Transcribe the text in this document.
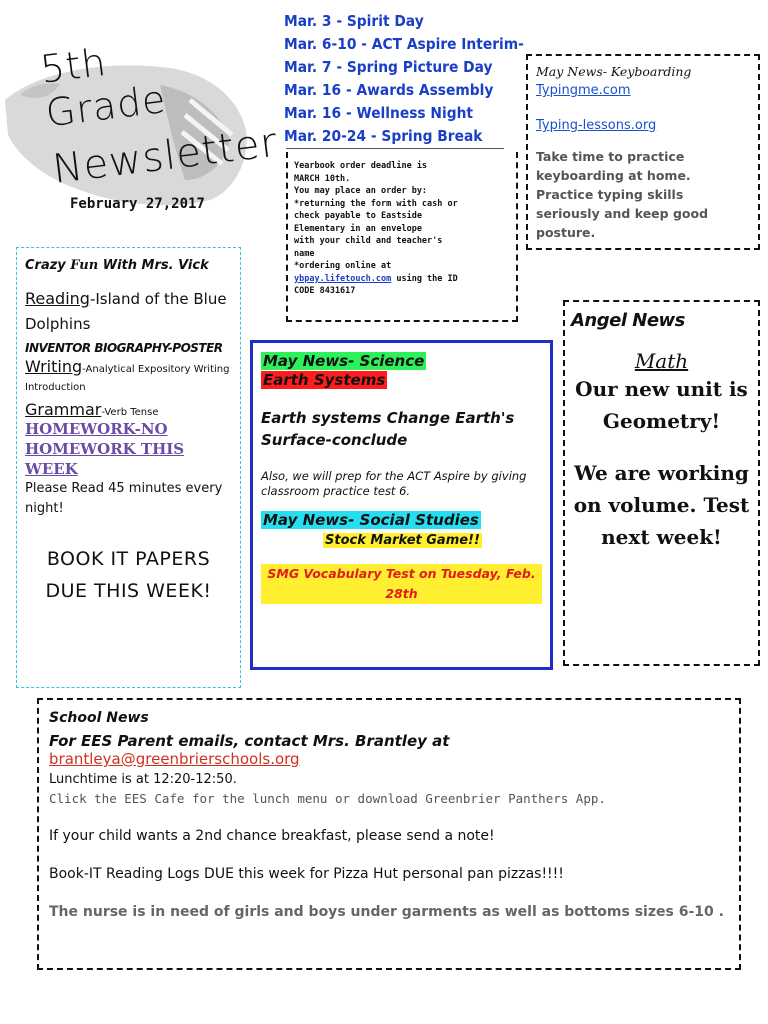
5th Grade
Newsletter
February 27,2017
Mar. 3 - Spirit Day
Mar. 6-10 - ACT Aspire Interim-
Mar. 7 - Spring Picture Day
Mar. 16 - Awards Assembly
Mar. 16 - Wellness Night
Mar. 20-24 - Spring Break
Yearbook order deadline is
MARCH 10th.
You may place an order by:
*returning the form with cash or
check payable to Eastside
Elementary in an envelope
with your child and teacher's
name
*ordering online at
ybpay.lifetouch.com using the ID
CODE 8431617
May News- Keyboarding
Typingme.com
Typing-lessons.org
Take time to practice keyboarding at home. Practice typing skills seriously and keep good posture.

Crazy Fun With Mrs. Vick

Reading-Island of the Blue Dolphins

INVENTOR BIOGRAPHY-POSTER

Writing-Analytical Expository Writing Introduction

Grammar-Verb Tense

HOMEWORK-NO HOMEWORK THIS WEEK

Please Read 45 minutes every night!

BOOK IT PAPERS DUE THIS WEEK!

May News- Science
Earth Systems
Earth systems Change Earth's Surface-conclude
Also, we will prep for the ACT Aspire by giving classroom practice test 6.
May News- Social Studies
Stock Market Game!!
SMG Vocabulary Test on Tuesday, Feb. 28th
Angel News
Math
Our new unit is Geometry!
We are working on volume. Test next week!
School News
For EES Parent emails, contact Mrs. Brantley at
brantleya@greenbrierschools.org
Lunchtime is at 12:20-12:50.
Click the EES Cafe for the lunch menu or download Greenbrier Panthers App.
If your child wants a 2nd chance breakfast, please send a note!
Book-IT Reading Logs DUE this week for Pizza Hut personal pan pizzas!!!!
The nurse is in need of girls and boys under garments as well as bottoms sizes 6-10 .
